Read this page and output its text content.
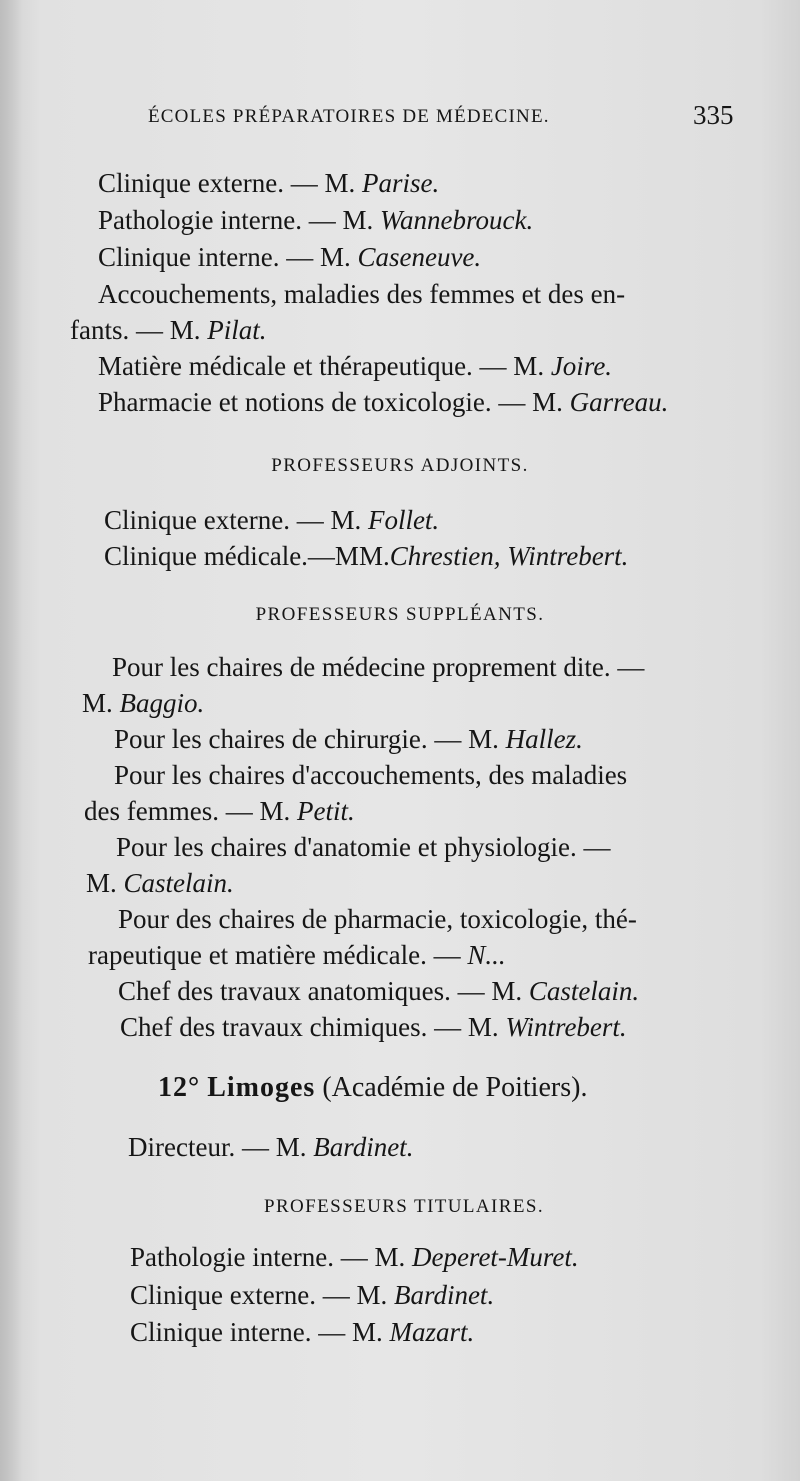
ÉCOLES PRÉPARATOIRES DE MÉDECINE.	335
Clinique externe. — M. Parise.
Pathologie interne. — M. Wannebrouck.
Clinique interne. — M. Caseneuve.
Accouchements, maladies des femmes et des en-
fants. — M. Pilat.
Matière médicale et thérapeutique. — M. Joire.
Pharmacie et notions de toxicologie. — M. Garreau.
PROFESSEURS ADJOINTS.
Clinique externe. — M. Follet.
Clinique médicale.—MM.Chrestien, Wintrebert.
PROFESSEURS SUPPLÉANTS.
Pour les chaires de médecine proprement dite. —
M. Baggio.
Pour les chaires de chirurgie. — M. Hallez.
Pour les chaires d'accouchements, des maladies
des femmes. — M. Petit.
Pour les chaires d'anatomie et physiologie. —
M. Castelain.
Pour des chaires de pharmacie, toxicologie, thé-
rapeutique et matière médicale. — N...
Chef des travaux anatomiques. — M. Castelain.
Chef des travaux chimiques. — M. Wintrebert.
12° Limoges (Académie de Poitiers).
Directeur. — M. Bardinet.
PROFESSEURS TITULAIRES.
Pathologie interne. — M. Deperet-Muret.
Clinique externe. — M. Bardinet.
Clinique interne. — M. Mazart.
